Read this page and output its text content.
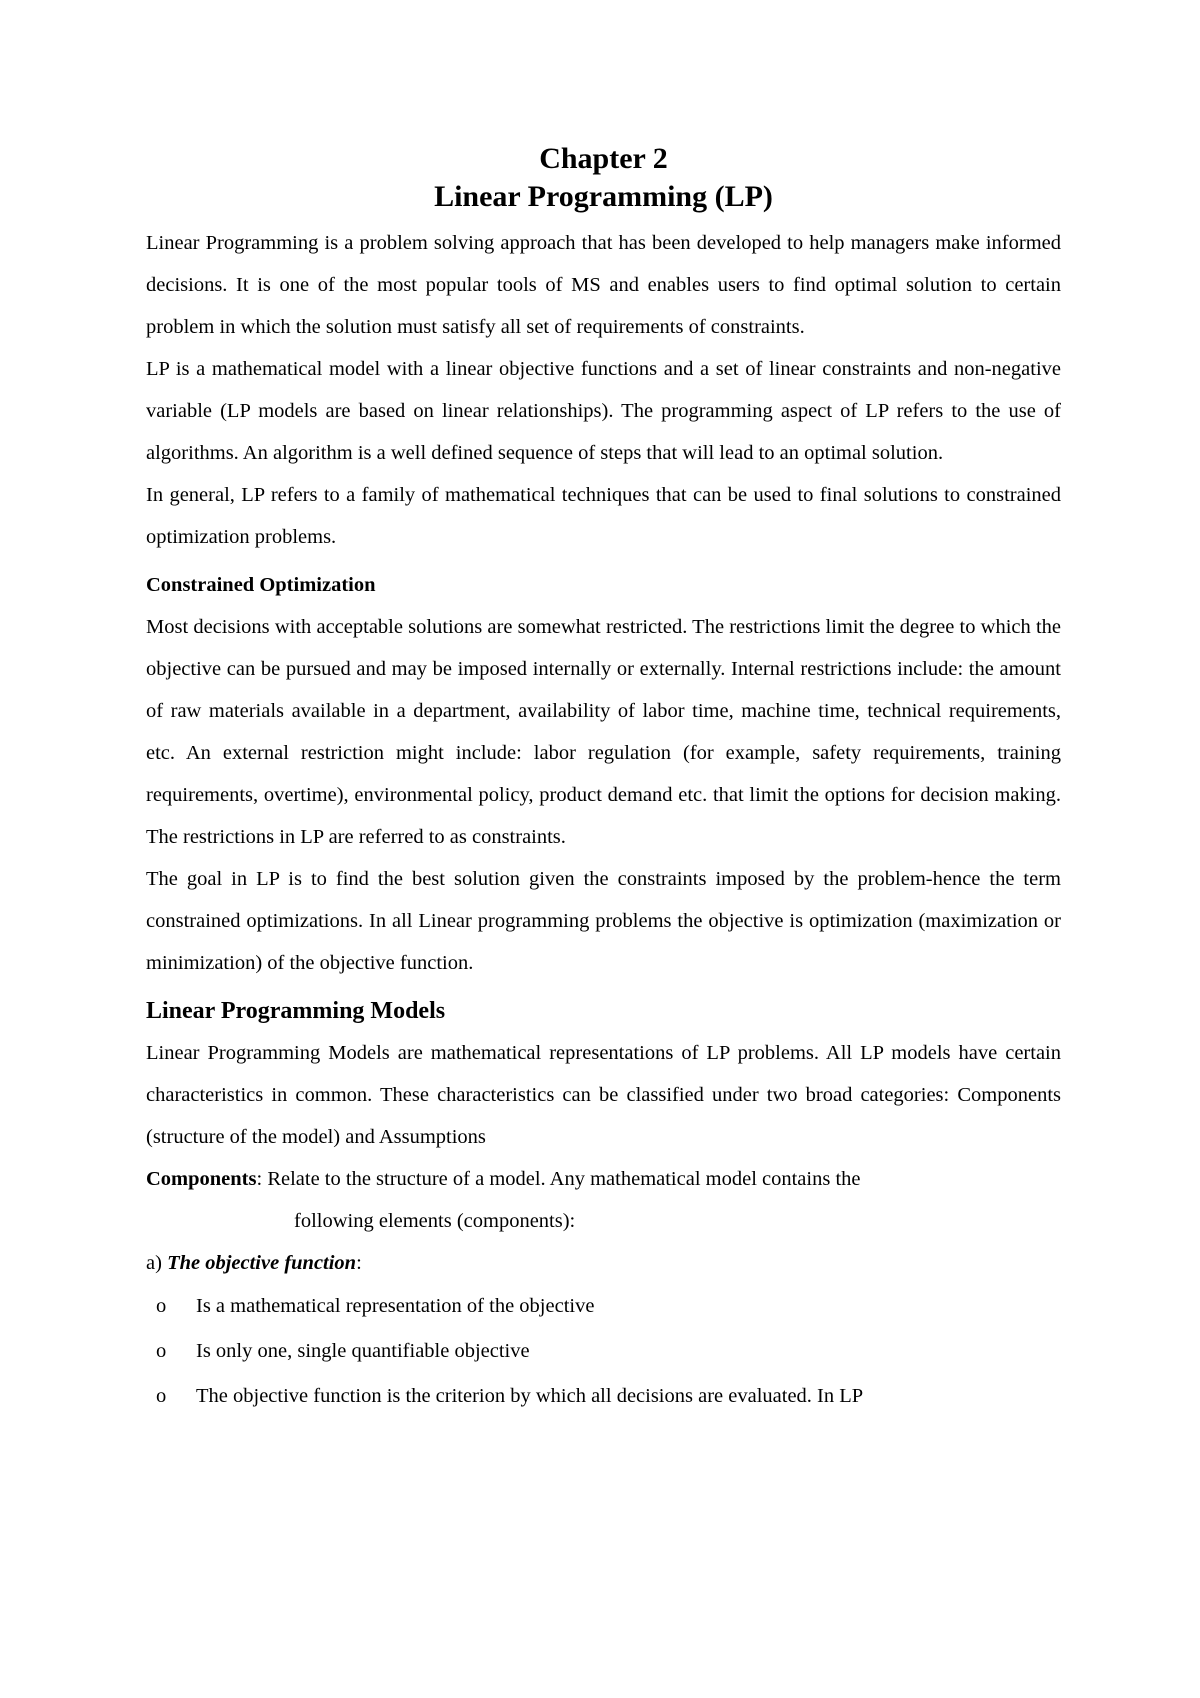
Chapter 2

Linear Programming (LP)

Linear Programming is a problem solving approach that has been developed to help managers make informed decisions. It is one of the most popular tools of MS and enables users to find optimal solution to certain problem in which the solution must satisfy all set of requirements of constraints.

LP is a mathematical model with a linear objective functions and a set of linear constraints and non-negative variable (LP models are based on linear relationships). The programming aspect of LP refers to the use of algorithms. An algorithm is a well defined sequence of steps that will lead to an optimal solution.

In general, LP refers to a family of mathematical techniques that can be used to final solutions to constrained optimization problems.

Constrained Optimization

Most decisions with acceptable solutions are somewhat restricted. The restrictions limit the degree to which the objective can be pursued and may be imposed internally or externally. Internal restrictions include: the amount of raw materials available in a department, availability of labor time, machine time, technical requirements, etc. An external restriction might include: labor regulation (for example, safety requirements, training requirements, overtime), environmental policy, product demand etc. that limit the options for decision making. The restrictions in LP are referred to as constraints.

The goal in LP is to find the best solution given the constraints imposed by the problem-hence the term constrained optimizations. In all Linear programming problems the objective is optimization (maximization or minimization) of the objective function.

Linear Programming Models

Linear Programming Models are mathematical representations of LP problems. All LP models have certain characteristics in common. These characteristics can be classified under two broad categories: Components (structure of the model) and Assumptions

Components: Relate to the structure of a model. Any mathematical model contains the

following elements (components):

a) The objective function:

o	Is a mathematical representation of the objective
o	Is only one, single quantifiable objective
o	The objective function is the criterion by which all decisions are evaluated. In LP
